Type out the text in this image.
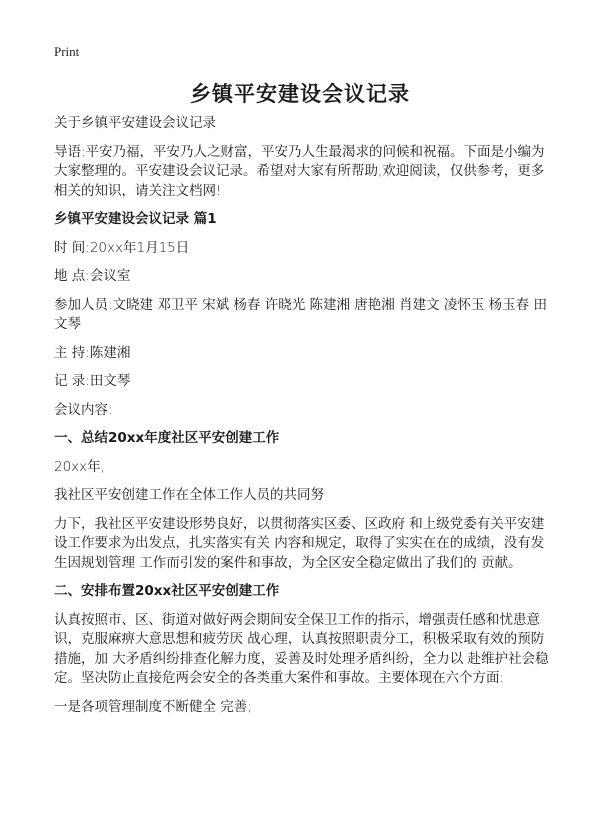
Print
乡镇平安建设会议记录

关于乡镇平安建设会议记录

导语:平安乃福，平安乃人之财富，平安乃人生最渴求的问候和祝福。下面是小编为大家整理的。平安建设会议记录。希望对大家有所帮助,欢迎阅读，仅供参考，更多相关的知识，请关注文档网!

乡镇平安建设会议记录 篇1

时 间:20xx年1月15日

地 点:会议室

参加人员:文晓建 邓卫平 宋斌 杨春 许晓光 陈建湘 唐艳湘 肖建文 凌怀玉 杨玉春 田文琴

主 持:陈建湘

记 录:田文琴

会议内容:

一、总结20xx年度社区平安创建工作

20xx年,

我社区平安创建工作在全体工作人员的共同努

力下，我社区平安建设形势良好，以贯彻落实区委、区政府 和上级党委有关平安建设工作要求为出发点，扎实落实有关 内容和规定，取得了实实在在的成绩，没有发生因规划管理 工作而引发的案件和事故，为全区安全稳定做出了我们的 贡献。

二、安排布置20xx社区平安创建工作

认真按照市、区、街道对做好两会期间安全保卫工作的指示，增强责任感和忧患意识，克服麻痹大意思想和疲劳厌 战心理，认真按照职责分工，积极采取有效的预防措施，加 大矛盾纠纷排查化解力度，妥善及时处理矛盾纠纷，全力以 赴维护社会稳定。坚决防止直接危两会安全的各类重大案件和事故。主要体现在六个方面:

一是各项管理制度不断健全 完善;
